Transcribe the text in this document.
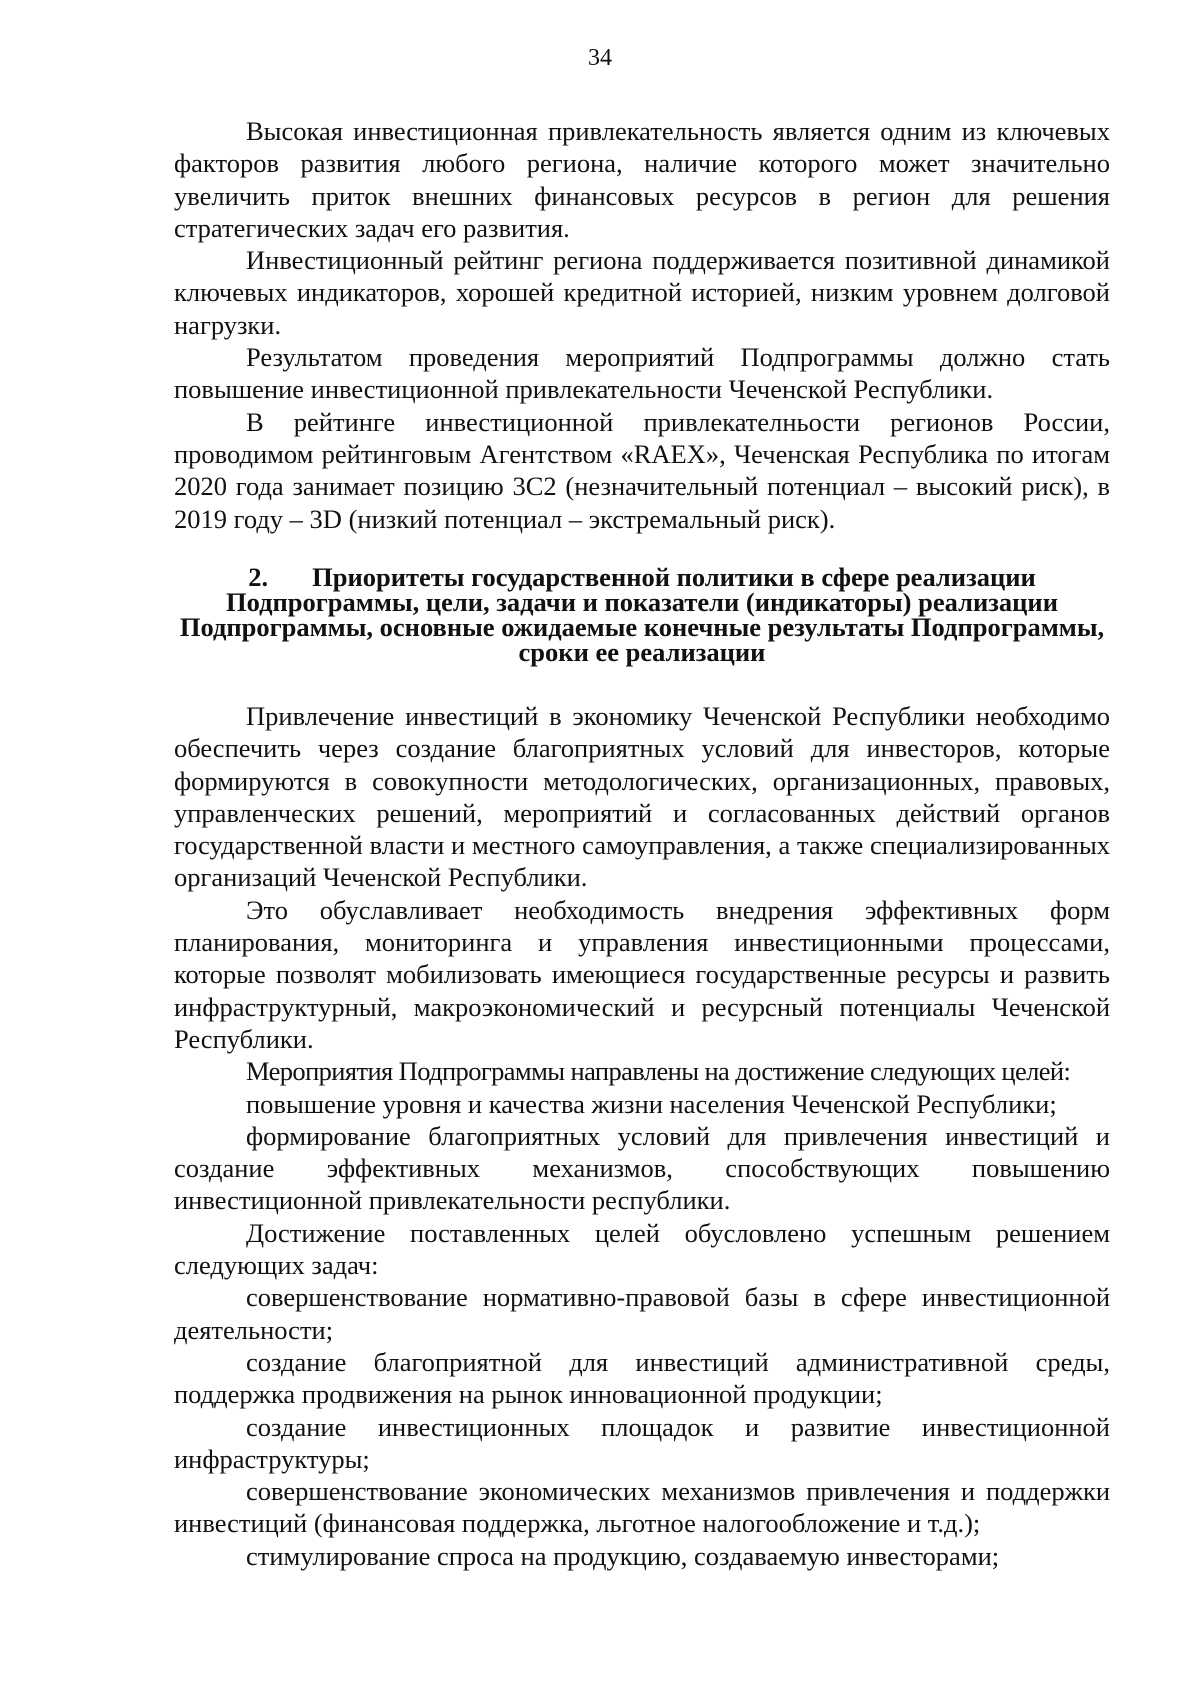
34

Высокая инвестиционная привлекательность является одним из ключевых факторов развития любого региона, наличие которого может значительно увеличить приток внешних финансовых ресурсов в регион для решения стратегических задач его развития.

Инвестиционный рейтинг региона поддерживается позитивной динамикой ключевых индикаторов, хорошей кредитной историей, низким уровнем долговой нагрузки.

Результатом проведения мероприятий Подпрограммы должно стать повышение инвестиционной привлекательности Чеченской Республики.

В рейтинге инвестиционной привлекателньости регионов России, проводимом рейтинговым Агентством «RAEX», Чеченская Республика по итогам 2020 года занимает позицию 3С2 (незначительный потенциал – высокий риск), в 2019 году – 3D (низкий потенциал – экстремальный риск).

2. Приоритеты государственной политики в сфере реализации Подпрограммы, цели, задачи и показатели (индикаторы) реализации Подпрограммы, основные ожидаемые конечные результаты Подпрограммы, сроки ее реализации

Привлечение инвестиций в экономику Чеченской Республики необходимо обеспечить через создание благоприятных условий для инвесторов, которые формируются в совокупности методологических, организационных, правовых, управленческих решений, мероприятий и согласованных действий органов государственной власти и местного самоуправления, а также специализированных организаций Чеченской Республики.

Это обуславливает необходимость внедрения эффективных форм планирования, мониторинга и управления инвестиционными процессами, которые позволят мобилизовать имеющиеся государственные ресурсы и развить инфраструктурный, макроэкономический и ресурсный потенциалы Чеченской Республики.

Мероприятия Подпрограммы направлены на достижение следующих целей:

повышение уровня и качества жизни населения Чеченской Республики;

формирование благоприятных условий для привлечения инвестиций и создание эффективных механизмов, способствующих повышению инвестиционной привлекательности республики.

Достижение поставленных целей обусловлено успешным решением следующих задач:

совершенствование нормативно-правовой базы в сфере инвестиционной деятельности;

создание благоприятной для инвестиций административной среды, поддержка продвижения на рынок инновационной продукции;

создание инвестиционных площадок и развитие инвестиционной инфраструктуры;

совершенствование экономических механизмов привлечения и поддержки инвестиций (финансовая поддержка, льготное налогообложение и т.д.);

стимулирование спроса на продукцию, создаваемую инвесторами;
